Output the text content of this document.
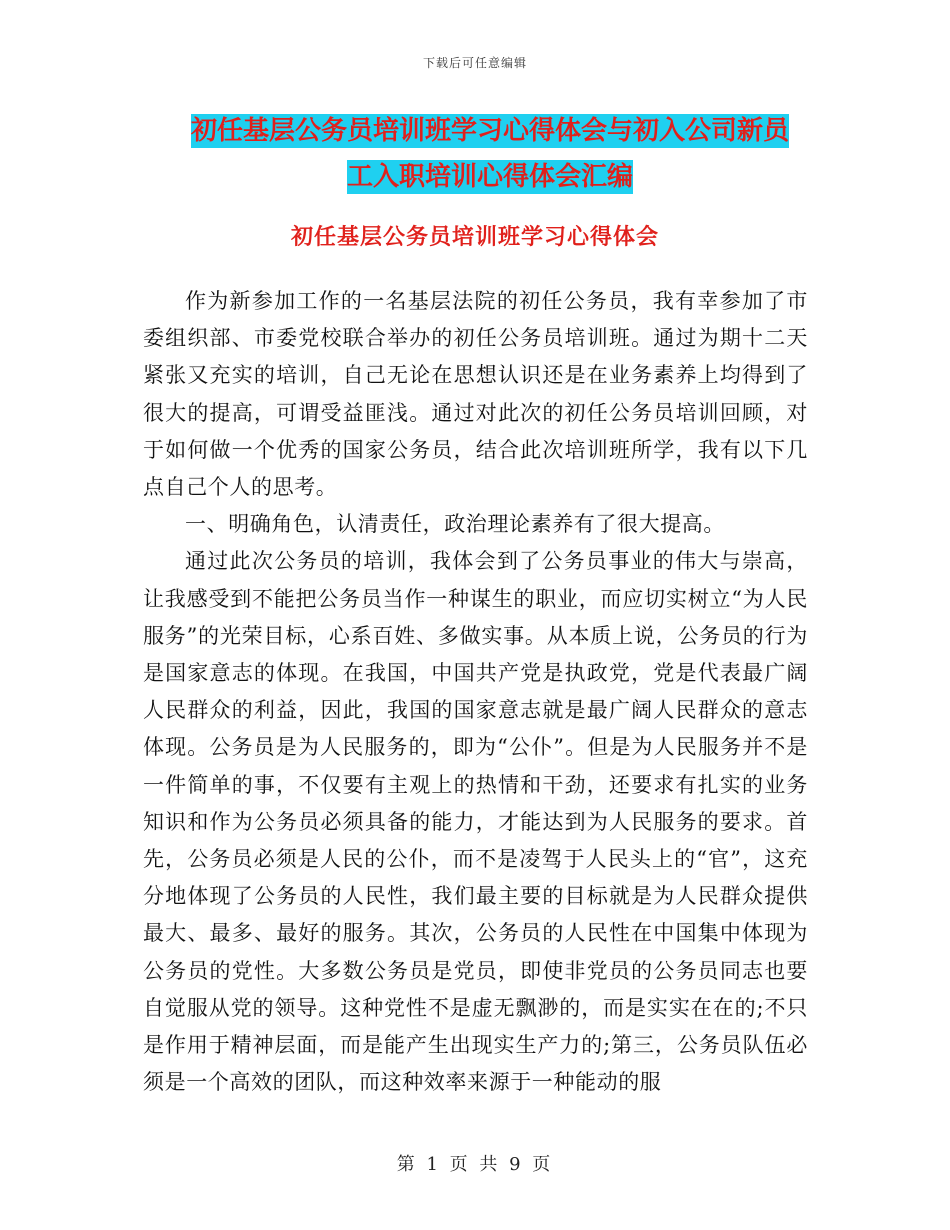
下载后可任意编辑
初任基层公务员培训班学习心得体会与初入公司新员
工入职培训心得体会汇编
初任基层公务员培训班学习心得体会

作为新参加工作的一名基层法院的初任公务员，我有幸参加了市委组织部、市委党校联合举办的初任公务员培训班。通过为期十二天紧张又充实的培训，自己无论在思想认识还是在业务素养上均得到了很大的提高，可谓受益匪浅。通过对此次的初任公务员培训回顾，对于如何做一个优秀的国家公务员，结合此次培训班所学，我有以下几点自己个人的思考。

一、明确角色，认清责任，政治理论素养有了很大提高。

通过此次公务员的培训，我体会到了公务员事业的伟大与崇高，让我感受到不能把公务员当作一种谋生的职业，而应切实树立“为人民服务”的光荣目标，心系百姓、多做实事。从本质上说，公务员的行为是国家意志的体现。在我国，中国共产党是执政党，党是代表最广阔人民群众的利益，因此，我国的国家意志就是最广阔人民群众的意志体现。公务员是为人民服务的，即为“公仆”。但是为人民服务并不是一件简单的事，不仅要有主观上的热情和干劲，还要求有扎实的业务知识和作为公务员必须具备的能力，才能达到为人民服务的要求。首先，公务员必须是人民的公仆，而不是凌驾于人民头上的“官”，这充分地体现了公务员的人民性，我们最主要的目标就是为人民群众提供最大、最多、最好的服务。其次，公务员的人民性在中国集中体现为公务员的党性。大多数公务员是党员，即使非党员的公务员同志也要自觉服从党的领导。这种党性不是虚无飘渺的，而是实实在在的;不只是作用于精神层面，而是能产生出现实生产力的;第三，公务员队伍必须是一个高效的团队，而这种效率来源于一种能动的服

第 1 页 共 9 页
